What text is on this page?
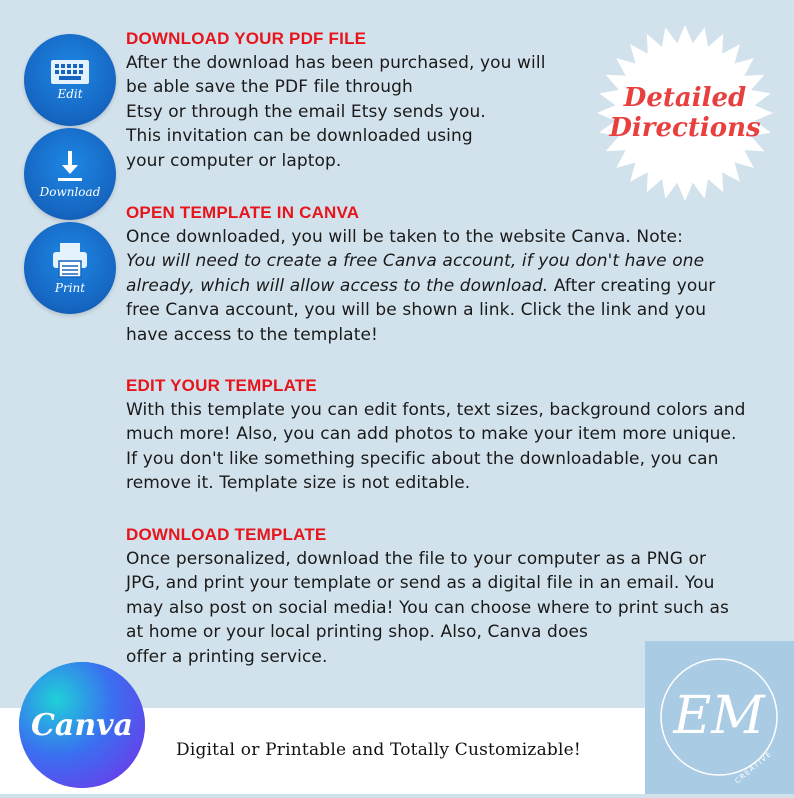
Edit
Download
Print
Detailed
Directions
DOWNLOAD YOUR PDF FILE

After the download has been purchased, you will

be able save the PDF file through

Etsy or through the email Etsy sends you.

This invitation can be downloaded using

your computer or laptop.

OPEN TEMPLATE IN CANVA

Once downloaded, you will be taken to the website Canva. Note:

You will need to create a free Canva account, if you don't have one

already, which will allow access to the download. After creating your

free Canva account, you will be shown a link. Click the link and you

have access to the template!

EDIT YOUR TEMPLATE

With this template you can edit fonts, text sizes, background colors and

much more! Also, you can add photos to make your item more unique.

If you don't like something specific about the downloadable, you can

remove it. Template size is not editable.

DOWNLOAD TEMPLATE

Once personalized, download the file to your computer as a PNG or

JPG, and print your template or send as a digital file in an email. You

may also post on social media! You can choose where to print such as

at home or your local printing shop. Also, Canva does

offer a printing service.

Digital or Printable and Totally Customizable!
Canva	EM
CREATIVE
